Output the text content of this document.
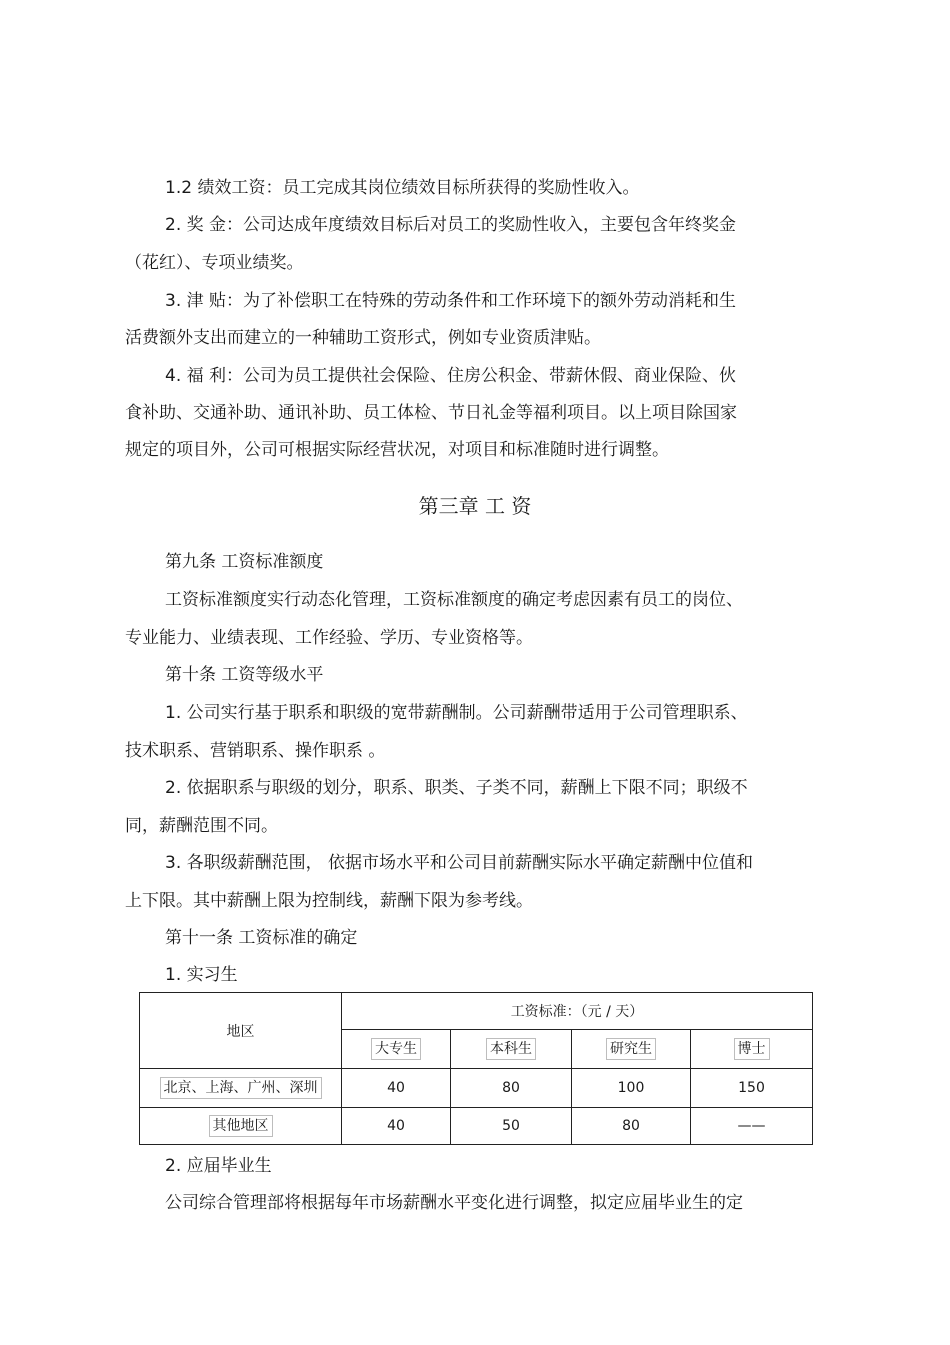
1.2 绩效工资：员工完成其岗位绩效目标所获得的奖励性收入。
2. 奖 金：公司达成年度绩效目标后对员工的奖励性收入，主要包含年终奖金
（花红）、专项业绩奖。
3. 津 贴：为了补偿职工在特殊的劳动条件和工作环境下的额外劳动消耗和生
活费额外支出而建立的一种辅助工资形式，例如专业资质津贴。
4. 福 利：公司为员工提供社会保险、住房公积金、带薪休假、商业保险、伙
食补助、交通补助、通讯补助、员工体检、节日礼金等福利项目。以上项目除国家
规定的项目外，公司可根据实际经营状况，对项目和标准随时进行调整。
第三章 工 资
第九条 工资标准额度
工资标准额度实行动态化管理，工资标准额度的确定考虑因素有员工的岗位、
专业能力、业绩表现、工作经验、学历、专业资格等。
第十条 工资等级水平
1. 公司实行基于职系和职级的宽带薪酬制。公司薪酬带适用于公司管理职系、
技术职系、营销职系、操作职系 。
2. 依据职系与职级的划分，职系、职类、子类不同，薪酬上下限不同；职级不
同，薪酬范围不同。
3. 各职级薪酬范围， 依据市场水平和公司目前薪酬实际水平确定薪酬中位值和
上下限。其中薪酬上限为控制线，薪酬下限为参考线。
第十一条 工资标准的确定
1. 实习生
地区	工资标准：（元 / 天）			
	大专生	本科生	研究生	博士
北京、上海、广州、深圳	40	80	100	150
其他地区	40	50	80	——
2. 应届毕业生
公司综合管理部将根据每年市场薪酬水平变化进行调整，拟定应届毕业生的定
